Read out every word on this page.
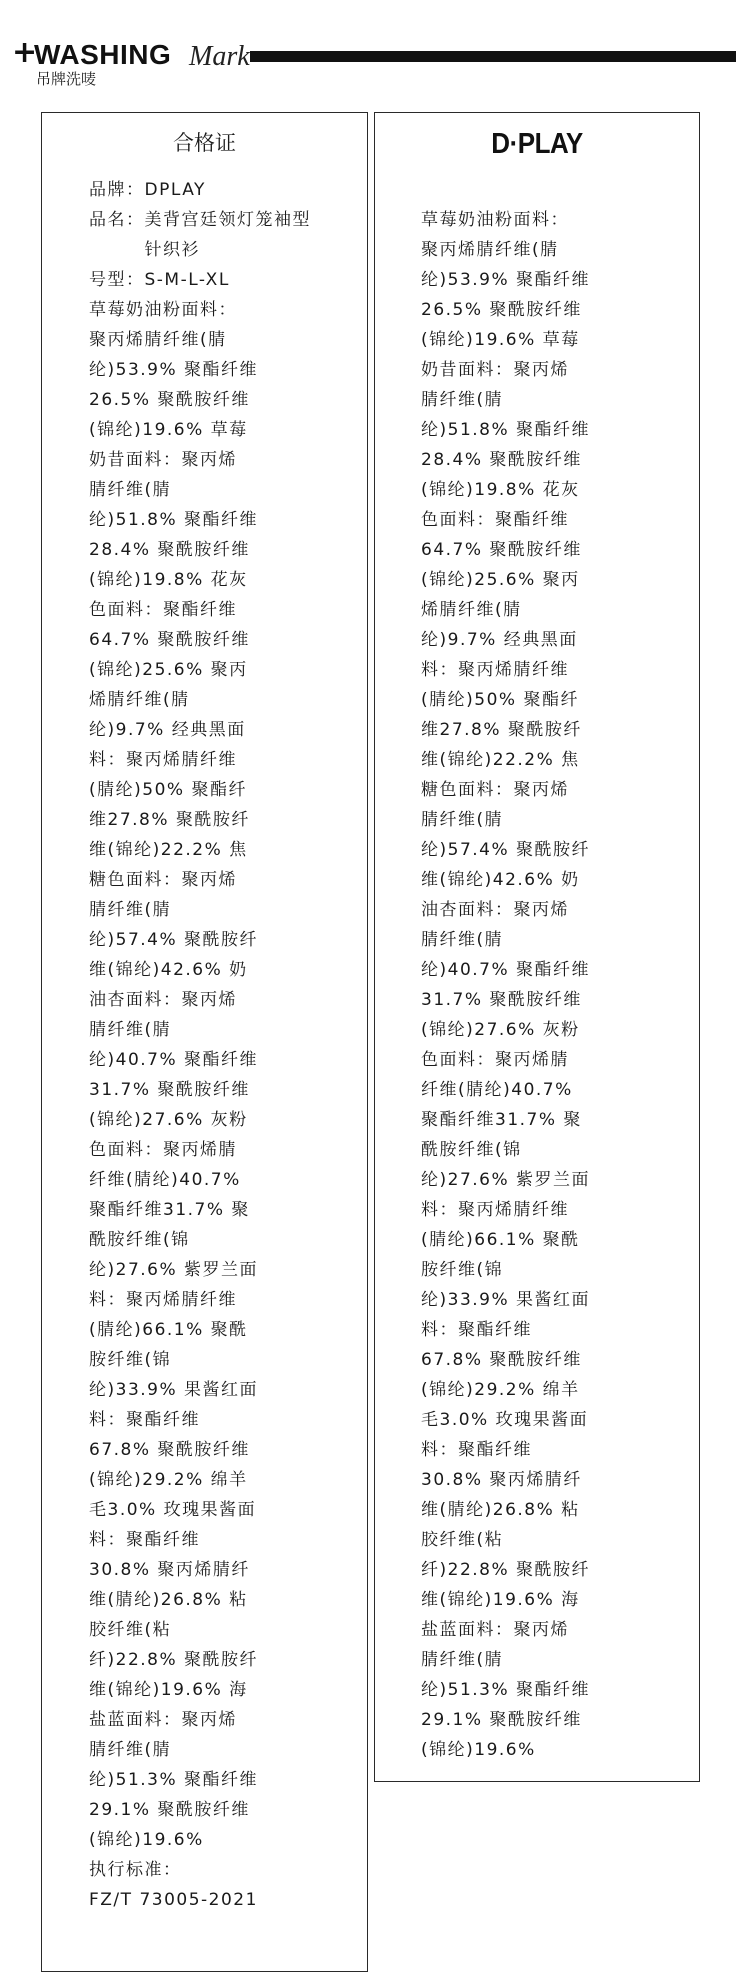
+
WASHING Mark
吊牌洗唛
合格证
品牌： DPLAY
品名： 美背宫廷领灯笼袖型针织衫
号型： S-M-L-XL
草莓奶油粉面料：
聚丙烯腈纤维(腈
纶)53.9% 聚酯纤维
26.5% 聚酰胺纤维
(锦纶)19.6% 草莓
奶昔面料：聚丙烯
腈纤维(腈
纶)51.8% 聚酯纤维
28.4% 聚酰胺纤维
(锦纶)19.8% 花灰
色面料：聚酯纤维
64.7% 聚酰胺纤维
(锦纶)25.6% 聚丙
烯腈纤维(腈
纶)9.7% 经典黑面
料：聚丙烯腈纤维
(腈纶)50% 聚酯纤
维27.8% 聚酰胺纤
维(锦纶)22.2% 焦
糖色面料：聚丙烯
腈纤维(腈
纶)57.4% 聚酰胺纤
维(锦纶)42.6% 奶
油杏面料：聚丙烯
腈纤维(腈
纶)40.7% 聚酯纤维
31.7% 聚酰胺纤维
(锦纶)27.6% 灰粉
色面料：聚丙烯腈
纤维(腈纶)40.7%
聚酯纤维31.7% 聚
酰胺纤维(锦
纶)27.6% 紫罗兰面
料：聚丙烯腈纤维
(腈纶)66.1% 聚酰
胺纤维(锦
纶)33.9% 果酱红面
料：聚酯纤维
67.8% 聚酰胺纤维
(锦纶)29.2% 绵羊
毛3.0% 玫瑰果酱面
料：聚酯纤维
30.8% 聚丙烯腈纤
维(腈纶)26.8% 粘
胶纤维(粘
纤)22.8% 聚酰胺纤
维(锦纶)19.6% 海
盐蓝面料：聚丙烯
腈纤维(腈
纶)51.3% 聚酯纤维
29.1% 聚酰胺纤维
(锦纶)19.6%
执行标准：
FZ/T 73005-2021
D·PLAY
草莓奶油粉面料：
聚丙烯腈纤维(腈
纶)53.9% 聚酯纤维
26.5% 聚酰胺纤维
(锦纶)19.6% 草莓
奶昔面料：聚丙烯
腈纤维(腈
纶)51.8% 聚酯纤维
28.4% 聚酰胺纤维
(锦纶)19.8% 花灰
色面料：聚酯纤维
64.7% 聚酰胺纤维
(锦纶)25.6% 聚丙
烯腈纤维(腈
纶)9.7% 经典黑面
料：聚丙烯腈纤维
(腈纶)50% 聚酯纤
维27.8% 聚酰胺纤
维(锦纶)22.2% 焦
糖色面料：聚丙烯
腈纤维(腈
纶)57.4% 聚酰胺纤
维(锦纶)42.6% 奶
油杏面料：聚丙烯
腈纤维(腈
纶)40.7% 聚酯纤维
31.7% 聚酰胺纤维
(锦纶)27.6% 灰粉
色面料：聚丙烯腈
纤维(腈纶)40.7%
聚酯纤维31.7% 聚
酰胺纤维(锦
纶)27.6% 紫罗兰面
料：聚丙烯腈纤维
(腈纶)66.1% 聚酰
胺纤维(锦
纶)33.9% 果酱红面
料：聚酯纤维
67.8% 聚酰胺纤维
(锦纶)29.2% 绵羊
毛3.0% 玫瑰果酱面
料：聚酯纤维
30.8% 聚丙烯腈纤
维(腈纶)26.8% 粘
胶纤维(粘
纤)22.8% 聚酰胺纤
维(锦纶)19.6% 海
盐蓝面料：聚丙烯
腈纤维(腈
纶)51.3% 聚酯纤维
29.1% 聚酰胺纤维
(锦纶)19.6%
